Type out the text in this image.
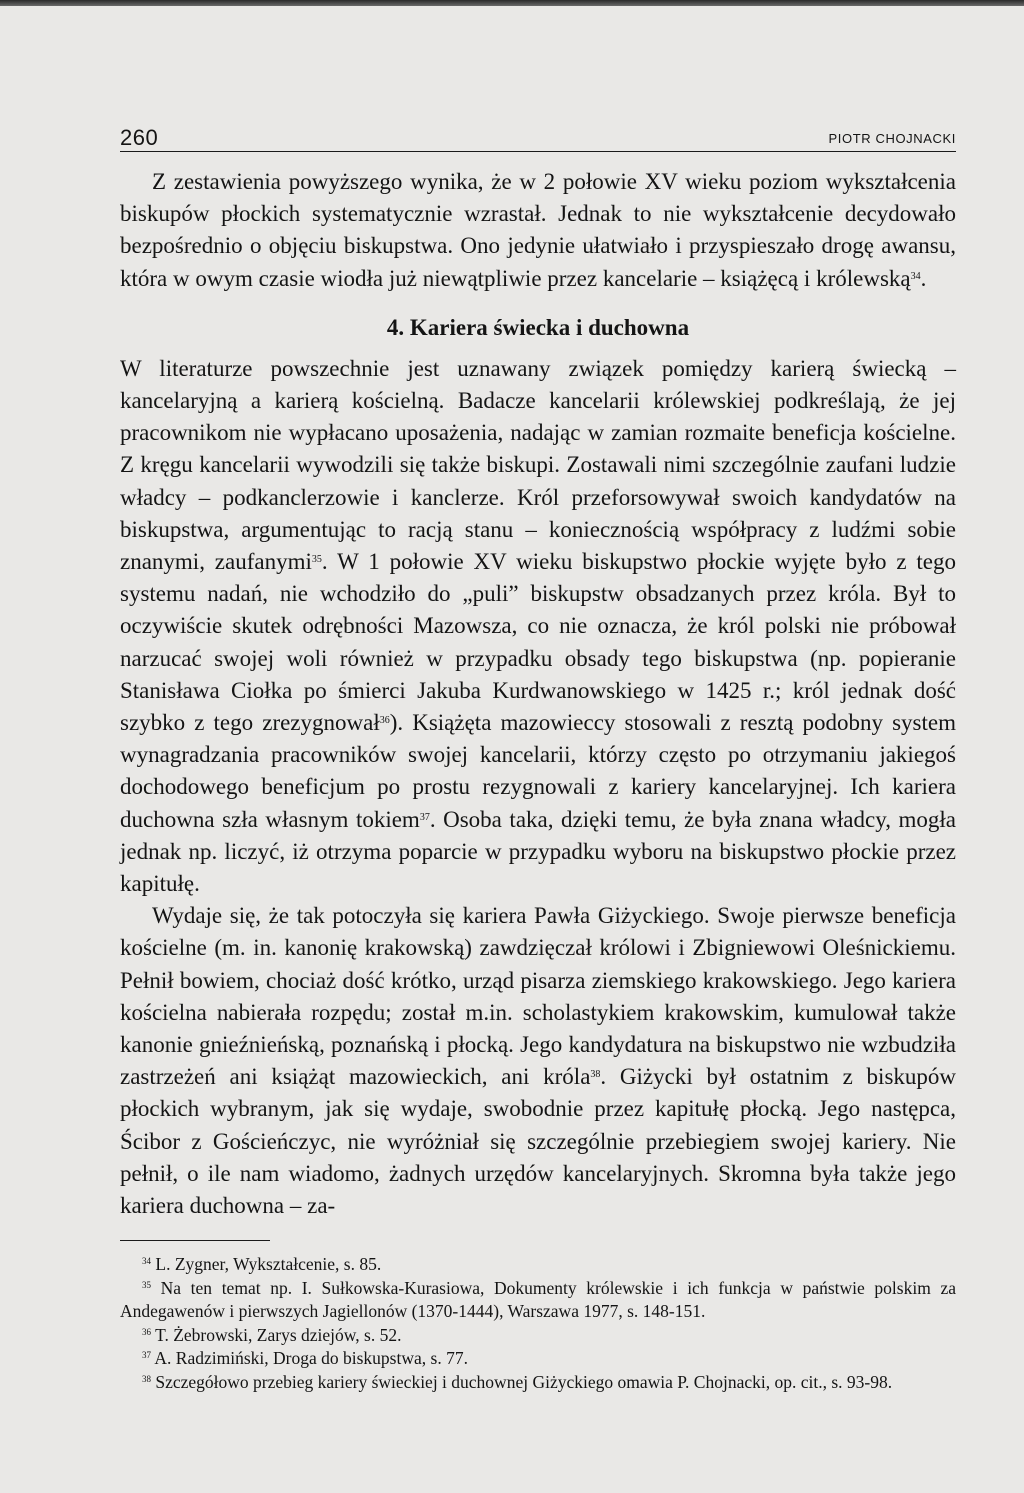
260	PIOTR CHOJNACKI

Z zestawienia powyższego wynika, że w 2 połowie XV wieku poziom wykształcenia biskupów płockich systematycznie wzrastał. Jednak to nie wykształcenie decydowało bezpośrednio o objęciu biskupstwa. Ono jedynie ułatwiało i przyspieszało drogę awansu, która w owym czasie wiodła już niewątpliwie przez kancelarie – książęcą i królewską$^{34}$.

4. Kariera świecka i duchowna

W literaturze powszechnie jest uznawany związek pomiędzy karierą świecką – kancelaryjną a karierą kościelną. Badacze kancelarii królewskiej podkreślają, że jej pracownikom nie wypłacano uposażenia, nadając w zamian rozmaite beneficja kościelne. Z kręgu kancelarii wywodzili się także biskupi. Zostawali nimi szczególnie zaufani ludzie władcy – podkanclerzowie i kanclerze. Król przeforsowywał swoich kandydatów na biskupstwa, argumentując to racją stanu – koniecznością współpracy z ludźmi sobie znanymi, zaufanymi$^{35}$. W 1 połowie XV wieku biskupstwo płockie wyjęte było z tego systemu nadań, nie wchodziło do „puli” biskupstw obsadzanych przez króla. Był to oczywiście skutek odrębności Mazowsza, co nie oznacza, że król polski nie próbował narzucać swojej woli również w przypadku obsady tego biskupstwa (np. popieranie Stanisława Ciołka po śmierci Jakuba Kurdwanowskiego w 1425 r.; król jednak dość szybko z tego zrezygnował$^{36}$). Książęta mazowieccy stosowali z resztą podobny system wynagradzania pracowników swojej kancelarii, którzy często po otrzymaniu jakiegoś dochodowego beneficjum po prostu rezygnowali z kariery kancelaryjnej. Ich kariera duchowna szła własnym tokiem$^{37}$. Osoba taka, dzięki temu, że była znana władcy, mogła jednak np. liczyć, iż otrzyma poparcie w przypadku wyboru na biskupstwo płockie przez kapitułę.

Wydaje się, że tak potoczyła się kariera Pawła Giżyckiego. Swoje pierwsze beneficja kościelne (m. in. kanonię krakowską) zawdzięczał królowi i Zbigniewowi Oleśnickiemu. Pełnił bowiem, chociaż dość krótko, urząd pisarza ziemskiego krakowskiego. Jego kariera kościelna nabierała rozpędu; został m.in. scholastykiem krakowskim, kumulował także kanonie gnieźnieńską, poznańską i płocką. Jego kandydatura na biskupstwo nie wzbudziła zastrzeżeń ani książąt mazowieckich, ani króla$^{38}$. Giżycki był ostatnim z biskupów płockich wybranym, jak się wydaje, swobodnie przez kapitułę płocką. Jego następca, Ścibor z Gościeńczyc, nie wyróżniał się szczególnie przebiegiem swojej kariery. Nie pełnił, o ile nam wiadomo, żadnych urzędów kancelaryjnych. Skromna była także jego kariera duchowna – za-

$^{34}$ L. Zygner, Wykształcenie, s. 85.

$^{35}$ Na ten temat np. I. Sułkowska-Kurasiowa, Dokumenty królewskie i ich funkcja w państwie polskim za Andegawenów i pierwszych Jagiellonów (1370-1444), Warszawa 1977, s. 148-151.

$^{36}$ T. Żebrowski, Zarys dziejów, s. 52.

$^{37}$ A. Radzimiński, Droga do biskupstwa, s. 77.

$^{38}$ Szczegółowo przebieg kariery świeckiej i duchownej Giżyckiego omawia P. Chojnacki, op. cit., s. 93-98.
